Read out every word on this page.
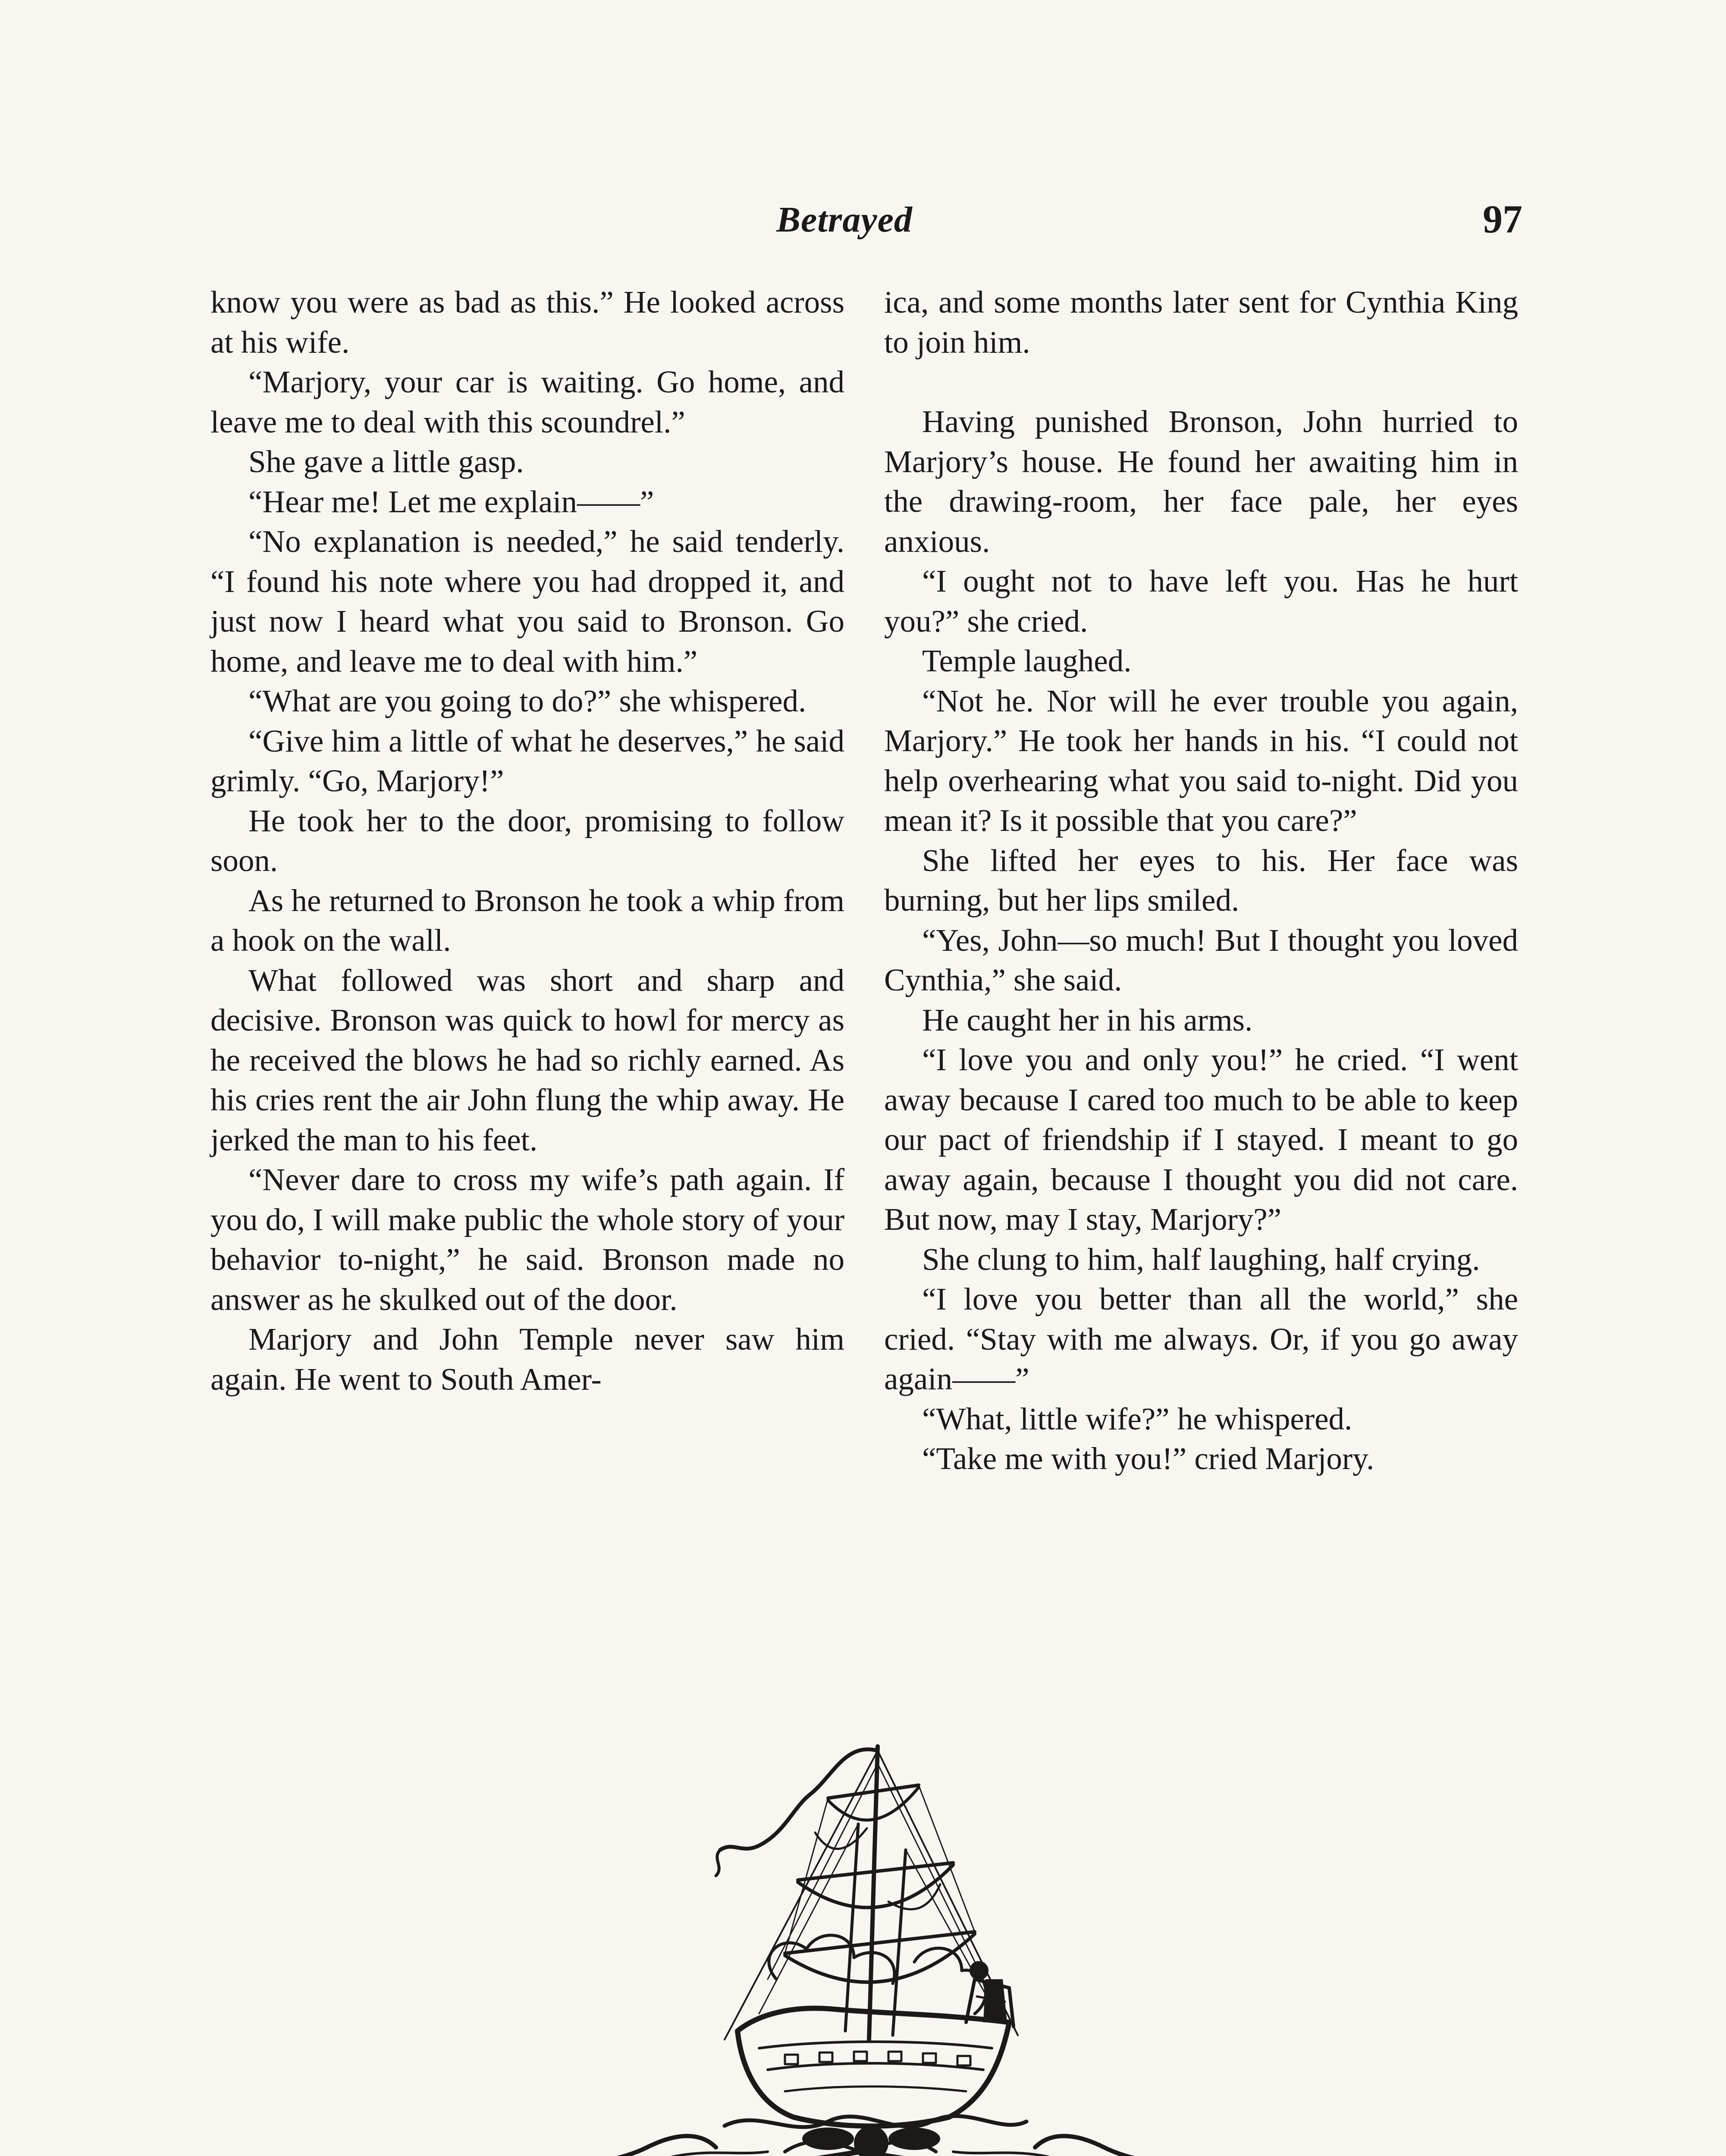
Betrayed	97

know you were as bad as this.” He looked across at his wife.

“Marjory, your car is waiting. Go home, and leave me to deal with this scoundrel.”

She gave a little gasp.

“Hear me! Let me explain——”

“No explanation is needed,” he said tenderly. “I found his note where you had dropped it, and just now I heard what you said to Bronson. Go home, and leave me to deal with him.”

“What are you going to do?” she whispered.

“Give him a little of what he deserves,” he said grimly. “Go, Marjory!”

He took her to the door, promising to follow soon.

As he returned to Bronson he took a whip from a hook on the wall.

What followed was short and sharp and decisive. Bronson was quick to howl for mercy as he received the blows he had so richly earned. As his cries rent the air John flung the whip away. He jerked the man to his feet.

“Never dare to cross my wife’s path again. If you do, I will make public the whole story of your behavior to-night,” he said. Bronson made no answer as he skulked out of the door.

Marjory and John Temple never saw him again. He went to South Amer-

ica, and some months later sent for Cynthia King to join him.

Having punished Bronson, John hurried to Marjory’s house. He found her awaiting him in the drawing-room, her face pale, her eyes anxious.

“I ought not to have left you. Has he hurt you?” she cried.

Temple laughed.

“Not he. Nor will he ever trouble you again, Marjory.” He took her hands in his. “I could not help overhearing what you said to-night. Did you mean it? Is it possible that you care?”

She lifted her eyes to his. Her face was burning, but her lips smiled.

“Yes, John—so much! But I thought you loved Cynthia,” she said.

He caught her in his arms.

“I love you and only you!” he cried. “I went away because I cared too much to be able to keep our pact of friendship if I stayed. I meant to go away again, because I thought you did not care. But now, may I stay, Marjory?”

She clung to him, half laughing, half crying.

“I love you better than all the world,” she cried. “Stay with me always. Or, if you go away again——”

“What, little wife?” he whispered.

“Take me with you!” cried Marjory.
